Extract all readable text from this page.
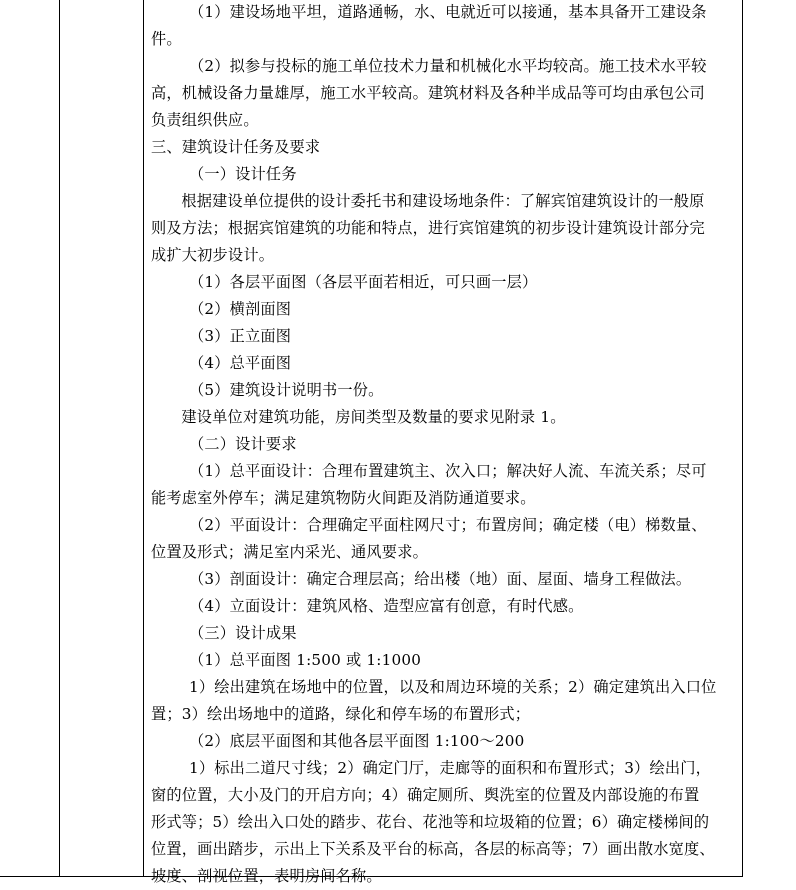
（1）建设场地平坦，道路通畅，水、电就近可以接通，基本具备开工建设条
件。

（2）拟参与投标的施工单位技术力量和机械化水平均较高。施工技术水平较
高，机械设备力量雄厚，施工水平较高。建筑材料及各种半成品等可均由承包公司
负责组织供应。

三、建筑设计任务及要求

（一）设计任务

根据建设单位提供的设计委托书和建设场地条件：了解宾馆建筑设计的一般原
则及方法；根据宾馆建筑的功能和特点，进行宾馆建筑的初步设计建筑设计部分完
成扩大初步设计。

（1）各层平面图（各层平面若相近，可只画一层）

（2）横剖面图

（3）正立面图

（4）总平面图

（5）建筑设计说明书一份。

建设单位对建筑功能，房间类型及数量的要求见附录 1。

（二）设计要求

（1）总平面设计：合理布置建筑主、次入口；解决好人流、车流关系；尽可
能考虑室外停车；满足建筑物防火间距及消防通道要求。

（2）平面设计：合理确定平面柱网尺寸；布置房间；确定楼（电）梯数量、
位置及形式；满足室内采光、通风要求。

（3）剖面设计：确定合理层高；给出楼（地）面、屋面、墙身工程做法。

（4）立面设计：建筑风格、造型应富有创意，有时代感。

（三）设计成果

（1）总平面图 1:500 或 1:1000

1）绘出建筑在场地中的位置，以及和周边环境的关系；2）确定建筑出入口位
置；3）绘出场地中的道路，绿化和停车场的布置形式；

（2）底层平面图和其他各层平面图 1:100～200

1）标出二道尺寸线；2）确定门厅，走廊等的面积和布置形式；3）绘出门，
窗的位置，大小及门的开启方向；4）确定厕所、舆洗室的位置及内部设施的布置
形式等；5）绘出入口处的踏步、花台、花池等和垃圾箱的位置；6）确定楼梯间的
位置，画出踏步，示出上下关系及平台的标高，各层的标高等；7）画出散水宽度、
坡度、剖视位置，表明房间名称。
